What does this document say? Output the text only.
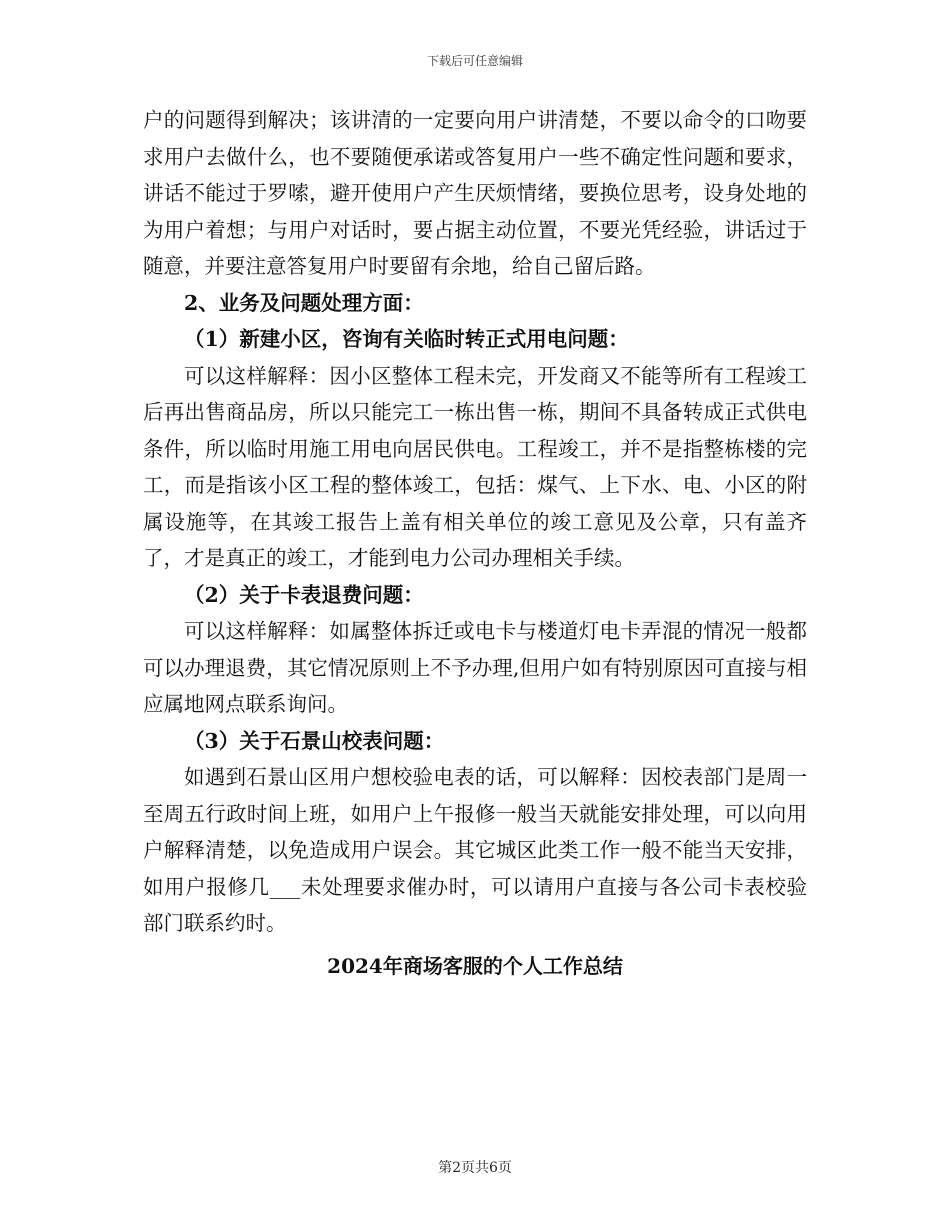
下载后可任意编辑

户的问题得到解决；该讲清的一定要向用户讲清楚，不要以命令的口吻要求用户去做什么，也不要随便承诺或答复用户一些不确定性问题和要求，讲话不能过于罗嗦，避开使用户产生厌烦情绪，要换位思考，设身处地的为用户着想；与用户对话时，要占据主动位置，不要光凭经验，讲话过于随意，并要注意答复用户时要留有余地，给自己留后路。

2、业务及问题处理方面：

（1）新建小区，咨询有关临时转正式用电问题：

可以这样解释：因小区整体工程未完，开发商又不能等所有工程竣工后再出售商品房，所以只能完工一栋出售一栋，期间不具备转成正式供电条件，所以临时用施工用电向居民供电。工程竣工，并不是指整栋楼的完工，而是指该小区工程的整体竣工，包括：煤气、上下水、电、小区的附属设施等，在其竣工报告上盖有相关单位的竣工意见及公章，只有盖齐了，才是真正的竣工，才能到电力公司办理相关手续。

（2）关于卡表退费问题：

可以这样解释：如属整体拆迁或电卡与楼道灯电卡弄混的情况一般都可以办理退费，其它情况原则上不予办理,但用户如有特别原因可直接与相应属地网点联系询问。

（3）关于石景山校表问题：

如遇到石景山区用户想校验电表的话，可以解释：因校表部门是周一至周五行政时间上班，如用户上午报修一般当天就能安排处理，可以向用户解释清楚，以免造成用户误会。其它城区此类工作一般不能当天安排，如用户报修几___未处理要求催办时，可以请用户直接与各公司卡表校验部门联系约时。

2024年商场客服的个人工作总结

第2页共6页
